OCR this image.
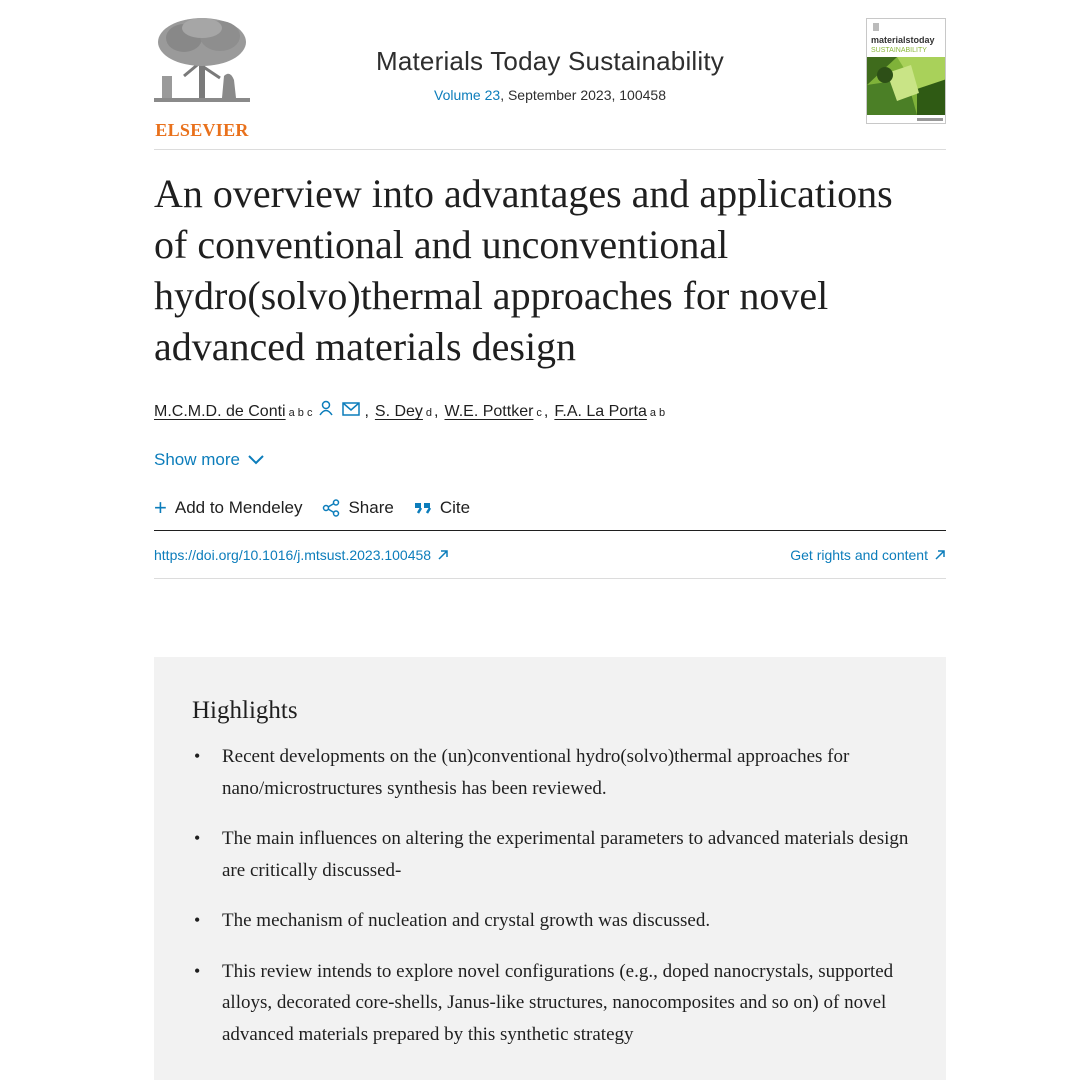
ELSEVIER
Materials Today Sustainability
Volume 23, September 2023, 100458
materialstoday
SUSTAINABILITY
An overview into advantages and applications of conventional and unconventional hydro(solvo)thermal approaches for novel advanced materials design
M.C.M.D. de Conti a b c	, S. Dey d , W.E. Pottker c , F.A. La Porta a b
Show more
+ Add to Mendeley	Share	Cite
https://doi.org/10.1016/j.mtsust.2023.100458	Get rights and content
Highlights
• Recent developments on the (un)conventional hydro(solvo)thermal approaches for nano/microstructures synthesis has been reviewed.
• The main influences on altering the experimental parameters to advanced materials design are critically discussed-
• The mechanism of nucleation and crystal growth was discussed.
• This review intends to explore novel configurations (e.g., doped nanocrystals, supported alloys, decorated core-shells, Janus-like structures, nanocomposites and so on) of novel advanced materials prepared by this synthetic strategy
